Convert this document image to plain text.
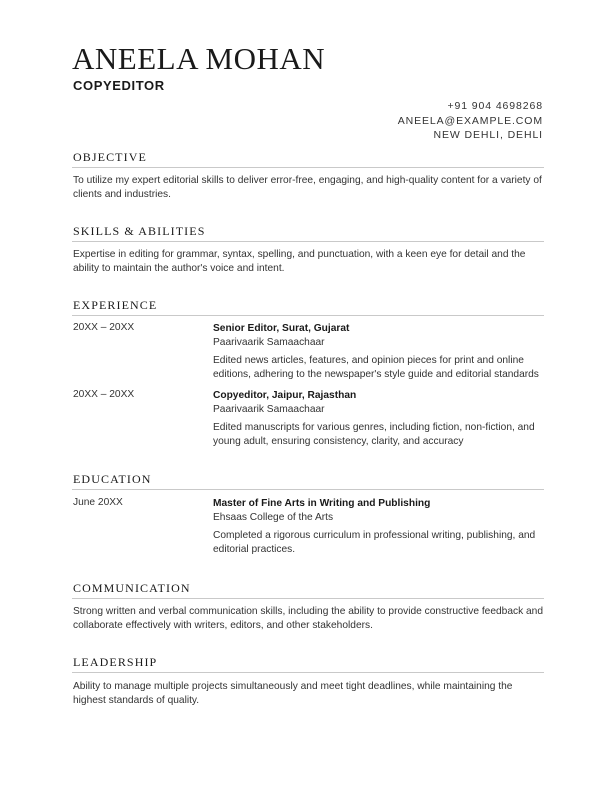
ANEELA MOHAN
COPYEDITOR
+91 904 4698268
ANEELA@EXAMPLE.COM
NEW DEHLI, DEHLI
OBJECTIVE
To utilize my expert editorial skills to deliver error-free, engaging, and high-quality content for a variety of clients and industries.
SKILLS & ABILITIES
Expertise in editing for grammar, syntax, spelling, and punctuation, with a keen eye for detail and the ability to maintain the author's voice and intent.
EXPERIENCE
20XX – 20XX	Senior Editor, Surat, Gujarat
Paarivaarik Samaachaar
Edited news articles, features, and opinion pieces for print and online editions, adhering to the newspaper's style guide and editorial standards
20XX – 20XX	Copyeditor, Jaipur, Rajasthan
Paarivaarik Samaachaar
Edited manuscripts for various genres, including fiction, non-fiction, and young adult, ensuring consistency, clarity, and accuracy
EDUCATION
June 20XX	Master of Fine Arts in Writing and Publishing
Ehsaas College of the Arts
Completed a rigorous curriculum in professional writing, publishing, and editorial practices.
COMMUNICATION
Strong written and verbal communication skills, including the ability to provide constructive feedback and collaborate effectively with writers, editors, and other stakeholders.
LEADERSHIP
Ability to manage multiple projects simultaneously and meet tight deadlines, while maintaining the highest standards of quality.
